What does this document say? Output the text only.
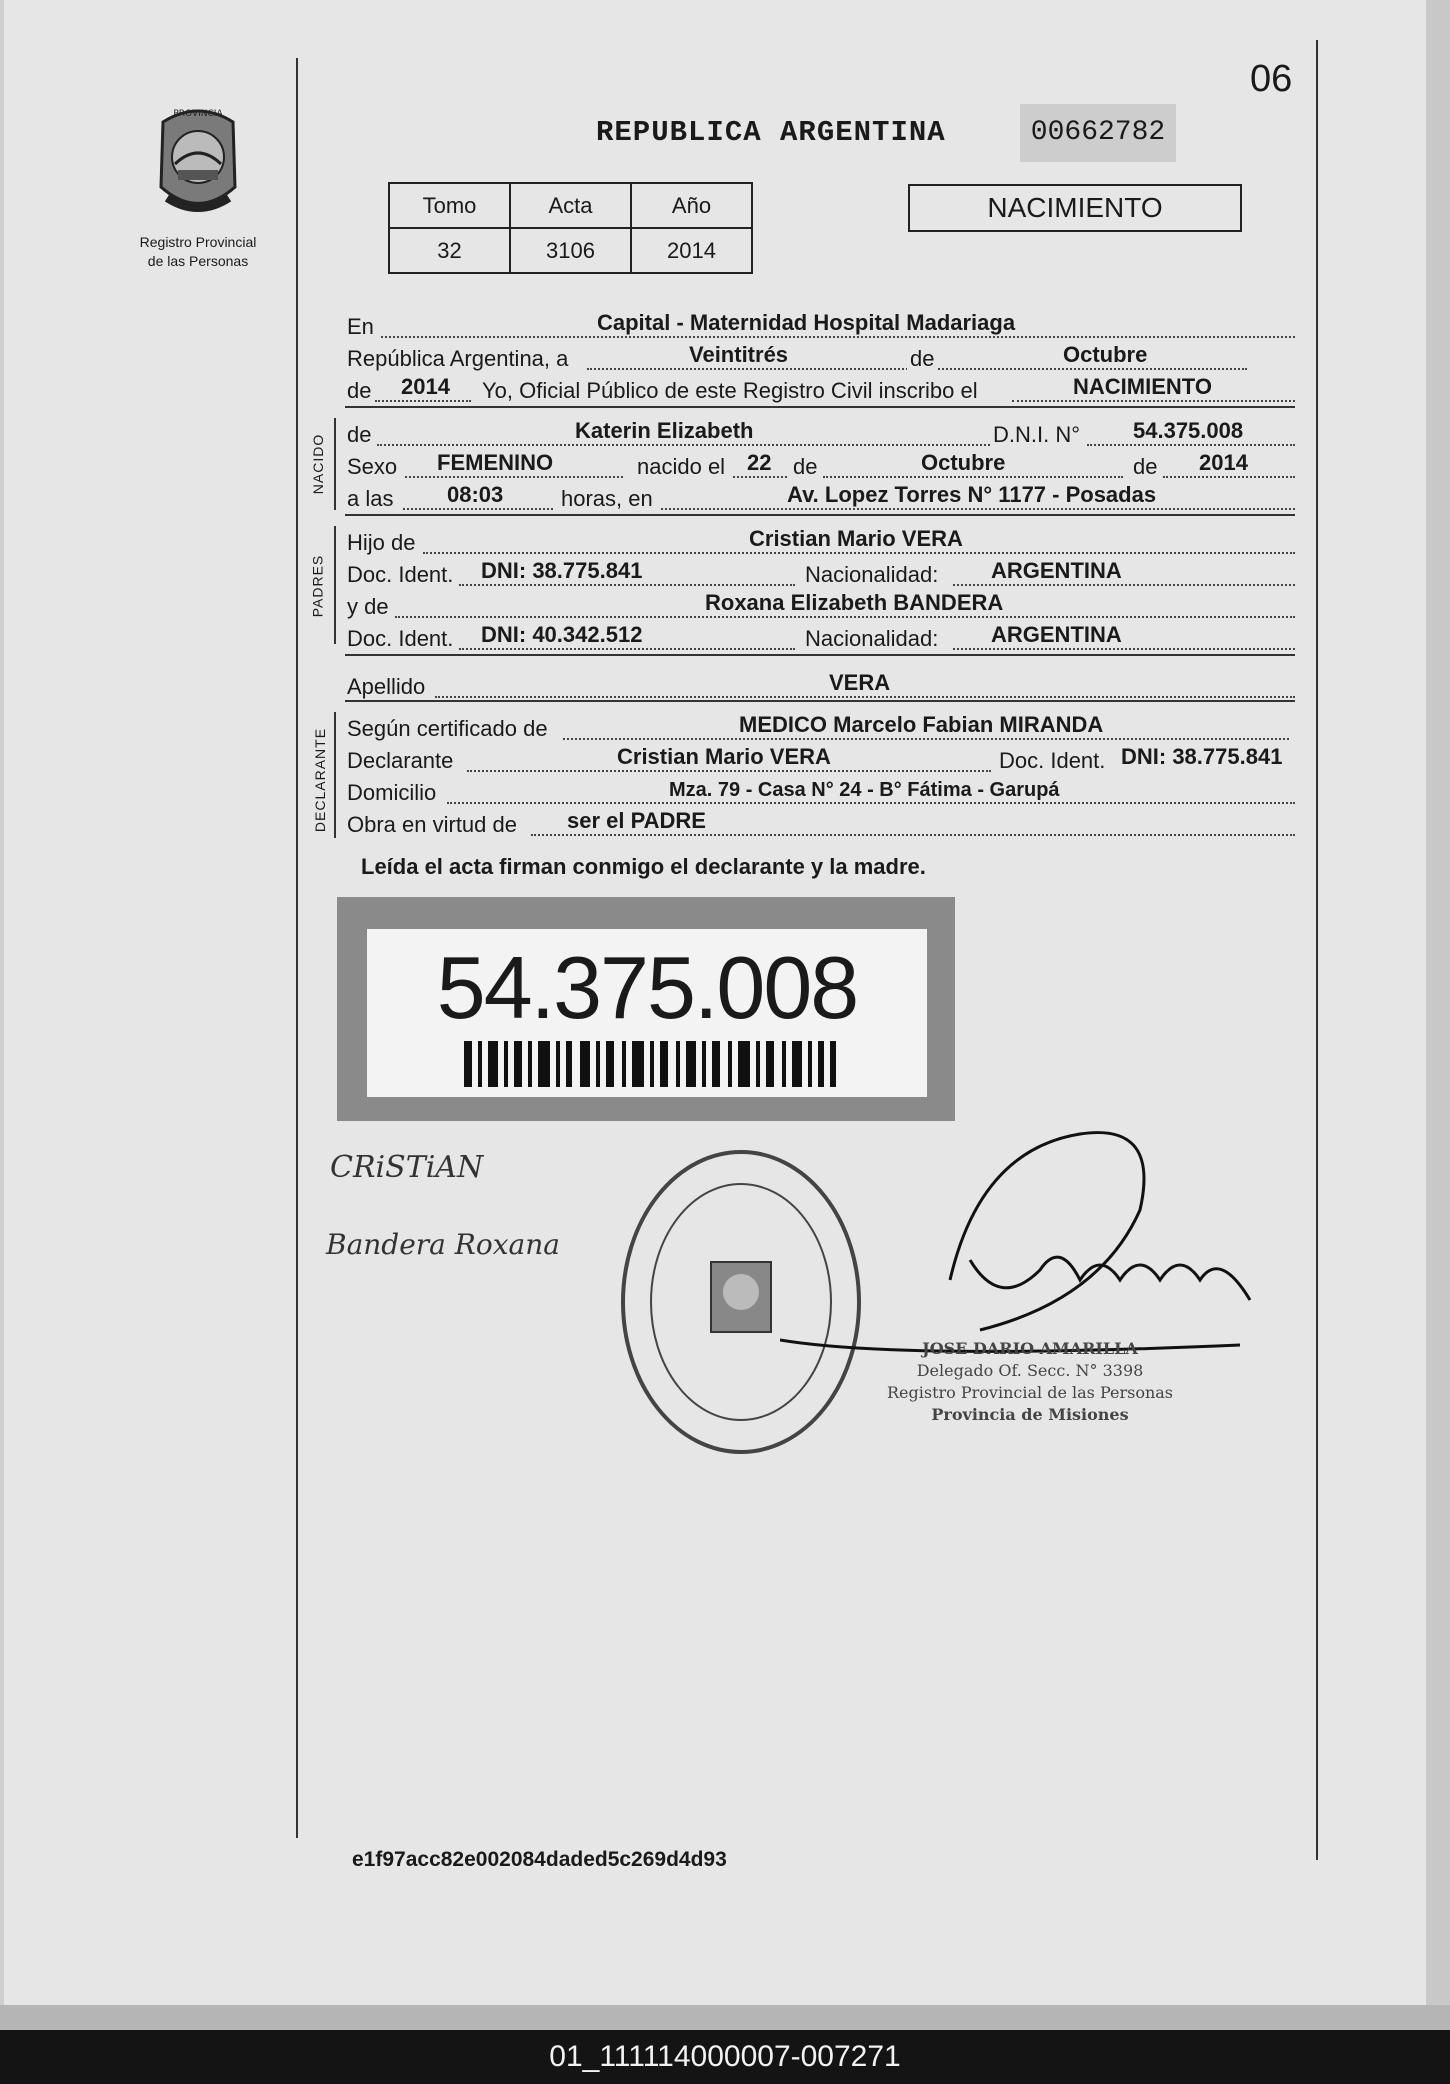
06
PROVINCIA
Registro Provincial
de las Personas
REPUBLICA ARGENTINA	00662782
Tomo	Acta	Año
32	3106	2014
NACIMIENTO
En	Capital - Maternidad Hospital Madariaga
República Argentina, a	Veintitrés	de	Octubre
de 2014 Yo, Oficial Público de este Registro Civil inscribo el	NACIMIENTO
NACIDO de	Katerin Elizabeth	D.N.I. N° 54.375.008
Sexo FEMENINO	nacido el 22 de	Octubre	de 2014
a las 08:03	horas, en	Av. Lopez Torres N° 1177 - Posadas
PADRES
Hijo de	Cristian Mario VERA
Doc. Ident. DNI: 38.775.841	Nacionalidad: ARGENTINA
y de	Roxana Elizabeth BANDERA
Doc. Ident. DNI: 40.342.512	Nacionalidad: ARGENTINA
Apellido	VERA
DECLARANTE Según certificado de	MEDICO Marcelo Fabian MIRANDA
Declarante	Cristian Mario VERA	Doc. Ident. DNI: 38.775.841
Domicilio	Mza. 79 - Casa N° 24 - B° Fátima - Garupá
Obra en virtud de ser el PADRE
Leída el acta firman conmigo el declarante y la madre.
54.375.008
CRiSTiAN
Bandera Roxana
JOSE DARIO AMARILLA
Delegado Of. Secc. N° 3398
Registro Provincial de las Personas
Provincia de Misiones
e1f97acc82e002084daded5c269d4d93
01_111114000007-007271
